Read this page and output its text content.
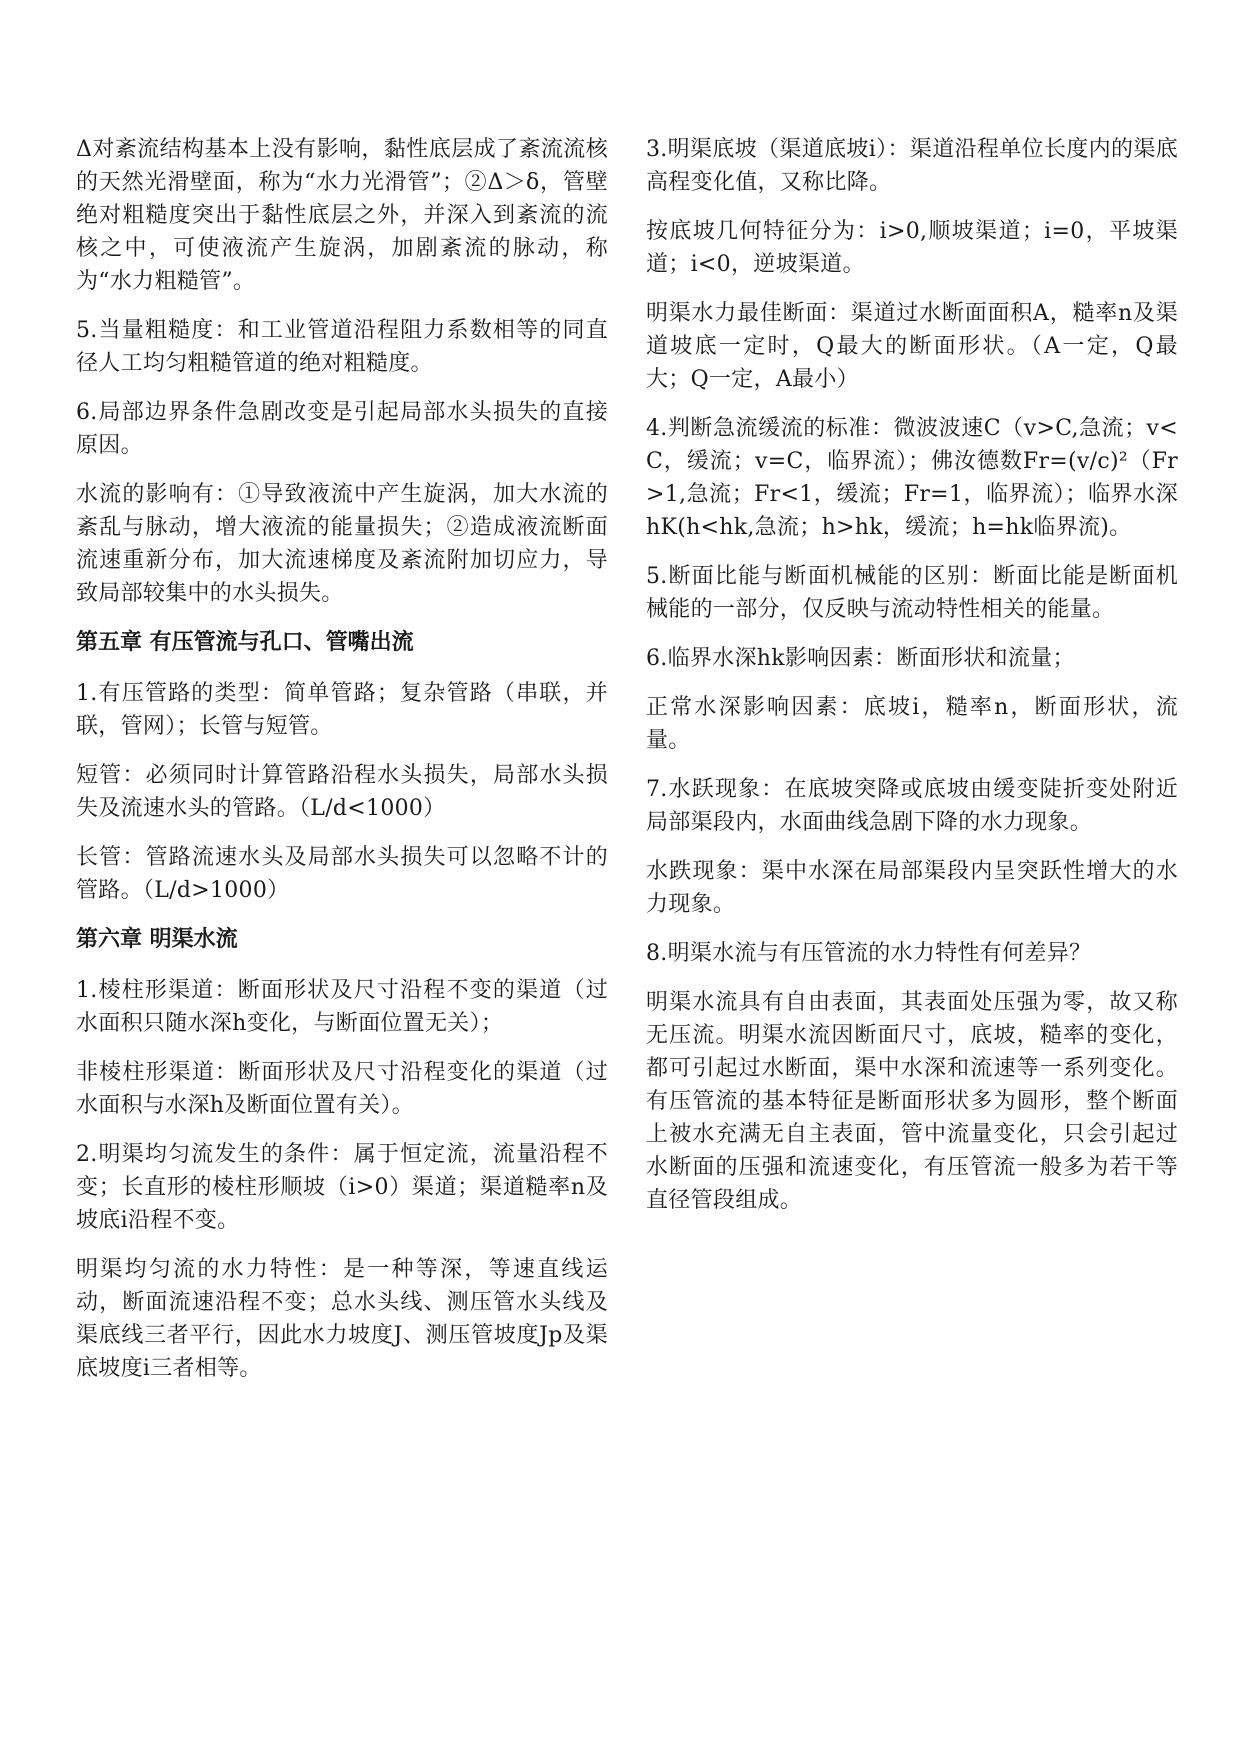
Δ对紊流结构基本上没有影响，黏性底层成了紊流流核的天然光滑壁面，称为“水力光滑管”；②Δ＞δ，管壁绝对粗糙度突出于黏性底层之外，并深入到紊流的流核之中，可使液流产生旋涡，加剧紊流的脉动，称为“水力粗糙管”。

5.当量粗糙度：和工业管道沿程阻力系数相等的同直径人工均匀粗糙管道的绝对粗糙度。

6.局部边界条件急剧改变是引起局部水头损失的直接原因。

水流的影响有：①导致液流中产生旋涡，加大水流的紊乱与脉动，增大液流的能量损失；②造成液流断面流速重新分布，加大流速梯度及紊流附加切应力，导致局部较集中的水头损失。

第五章 有压管流与孔口、管嘴出流

1.有压管路的类型：简单管路；复杂管路（串联，并联，管网）；长管与短管。

短管：必须同时计算管路沿程水头损失，局部水头损失及流速水头的管路。（L/d<1000）

长管：管路流速水头及局部水头损失可以忽略不计的管路。（L/d>1000）

第六章 明渠水流

1.棱柱形渠道：断面形状及尺寸沿程不变的渠道（过水面积只随水深h变化，与断面位置无关）；

非棱柱形渠道：断面形状及尺寸沿程变化的渠道（过水面积与水深h及断面位置有关）。

2.明渠均匀流发生的条件：属于恒定流，流量沿程不变；长直形的棱柱形顺坡（i>0）渠道；渠道糙率n及坡底i沿程不变。

明渠均匀流的水力特性：是一种等深，等速直线运动，断面流速沿程不变；总水头线、测压管水头线及渠底线三者平行，因此水力坡度J、测压管坡度Jp及渠底坡度i三者相等。

3.明渠底坡（渠道底坡i）：渠道沿程单位长度内的渠底高程变化值，又称比降。

按底坡几何特征分为：i>0,顺坡渠道；i=0，平坡渠道；i<0，逆坡渠道。

明渠水力最佳断面：渠道过水断面面积A，糙率n及渠道坡底一定时，Q最大的断面形状。（A一定，Q最大；Q一定，A最小）

4.判断急流缓流的标准：微波波速C（v>C,急流；v<C，缓流；v=C，临界流）；佛汝德数Fr=(v/c)²（Fr>1,急流；Fr<1，缓流；Fr=1，临界流）；临界水深hK(h<hk,急流；h>hk，缓流；h=hk临界流)。

5.断面比能与断面机械能的区别：断面比能是断面机械能的一部分，仅反映与流动特性相关的能量。

6.临界水深hk影响因素：断面形状和流量；

正常水深影响因素：底坡i，糙率n，断面形状，流量。

7.水跃现象：在底坡突降或底坡由缓变陡折变处附近局部渠段内，水面曲线急剧下降的水力现象。

水跌现象：渠中水深在局部渠段内呈突跃性增大的水力现象。

8.明渠水流与有压管流的水力特性有何差异？

明渠水流具有自由表面，其表面处压强为零，故又称无压流。明渠水流因断面尺寸，底坡，糙率的变化，都可引起过水断面，渠中水深和流速等一系列变化。有压管流的基本特征是断面形状多为圆形，整个断面上被水充满无自主表面，管中流量变化，只会引起过水断面的压强和流速变化，有压管流一般多为若干等直径管段组成。
